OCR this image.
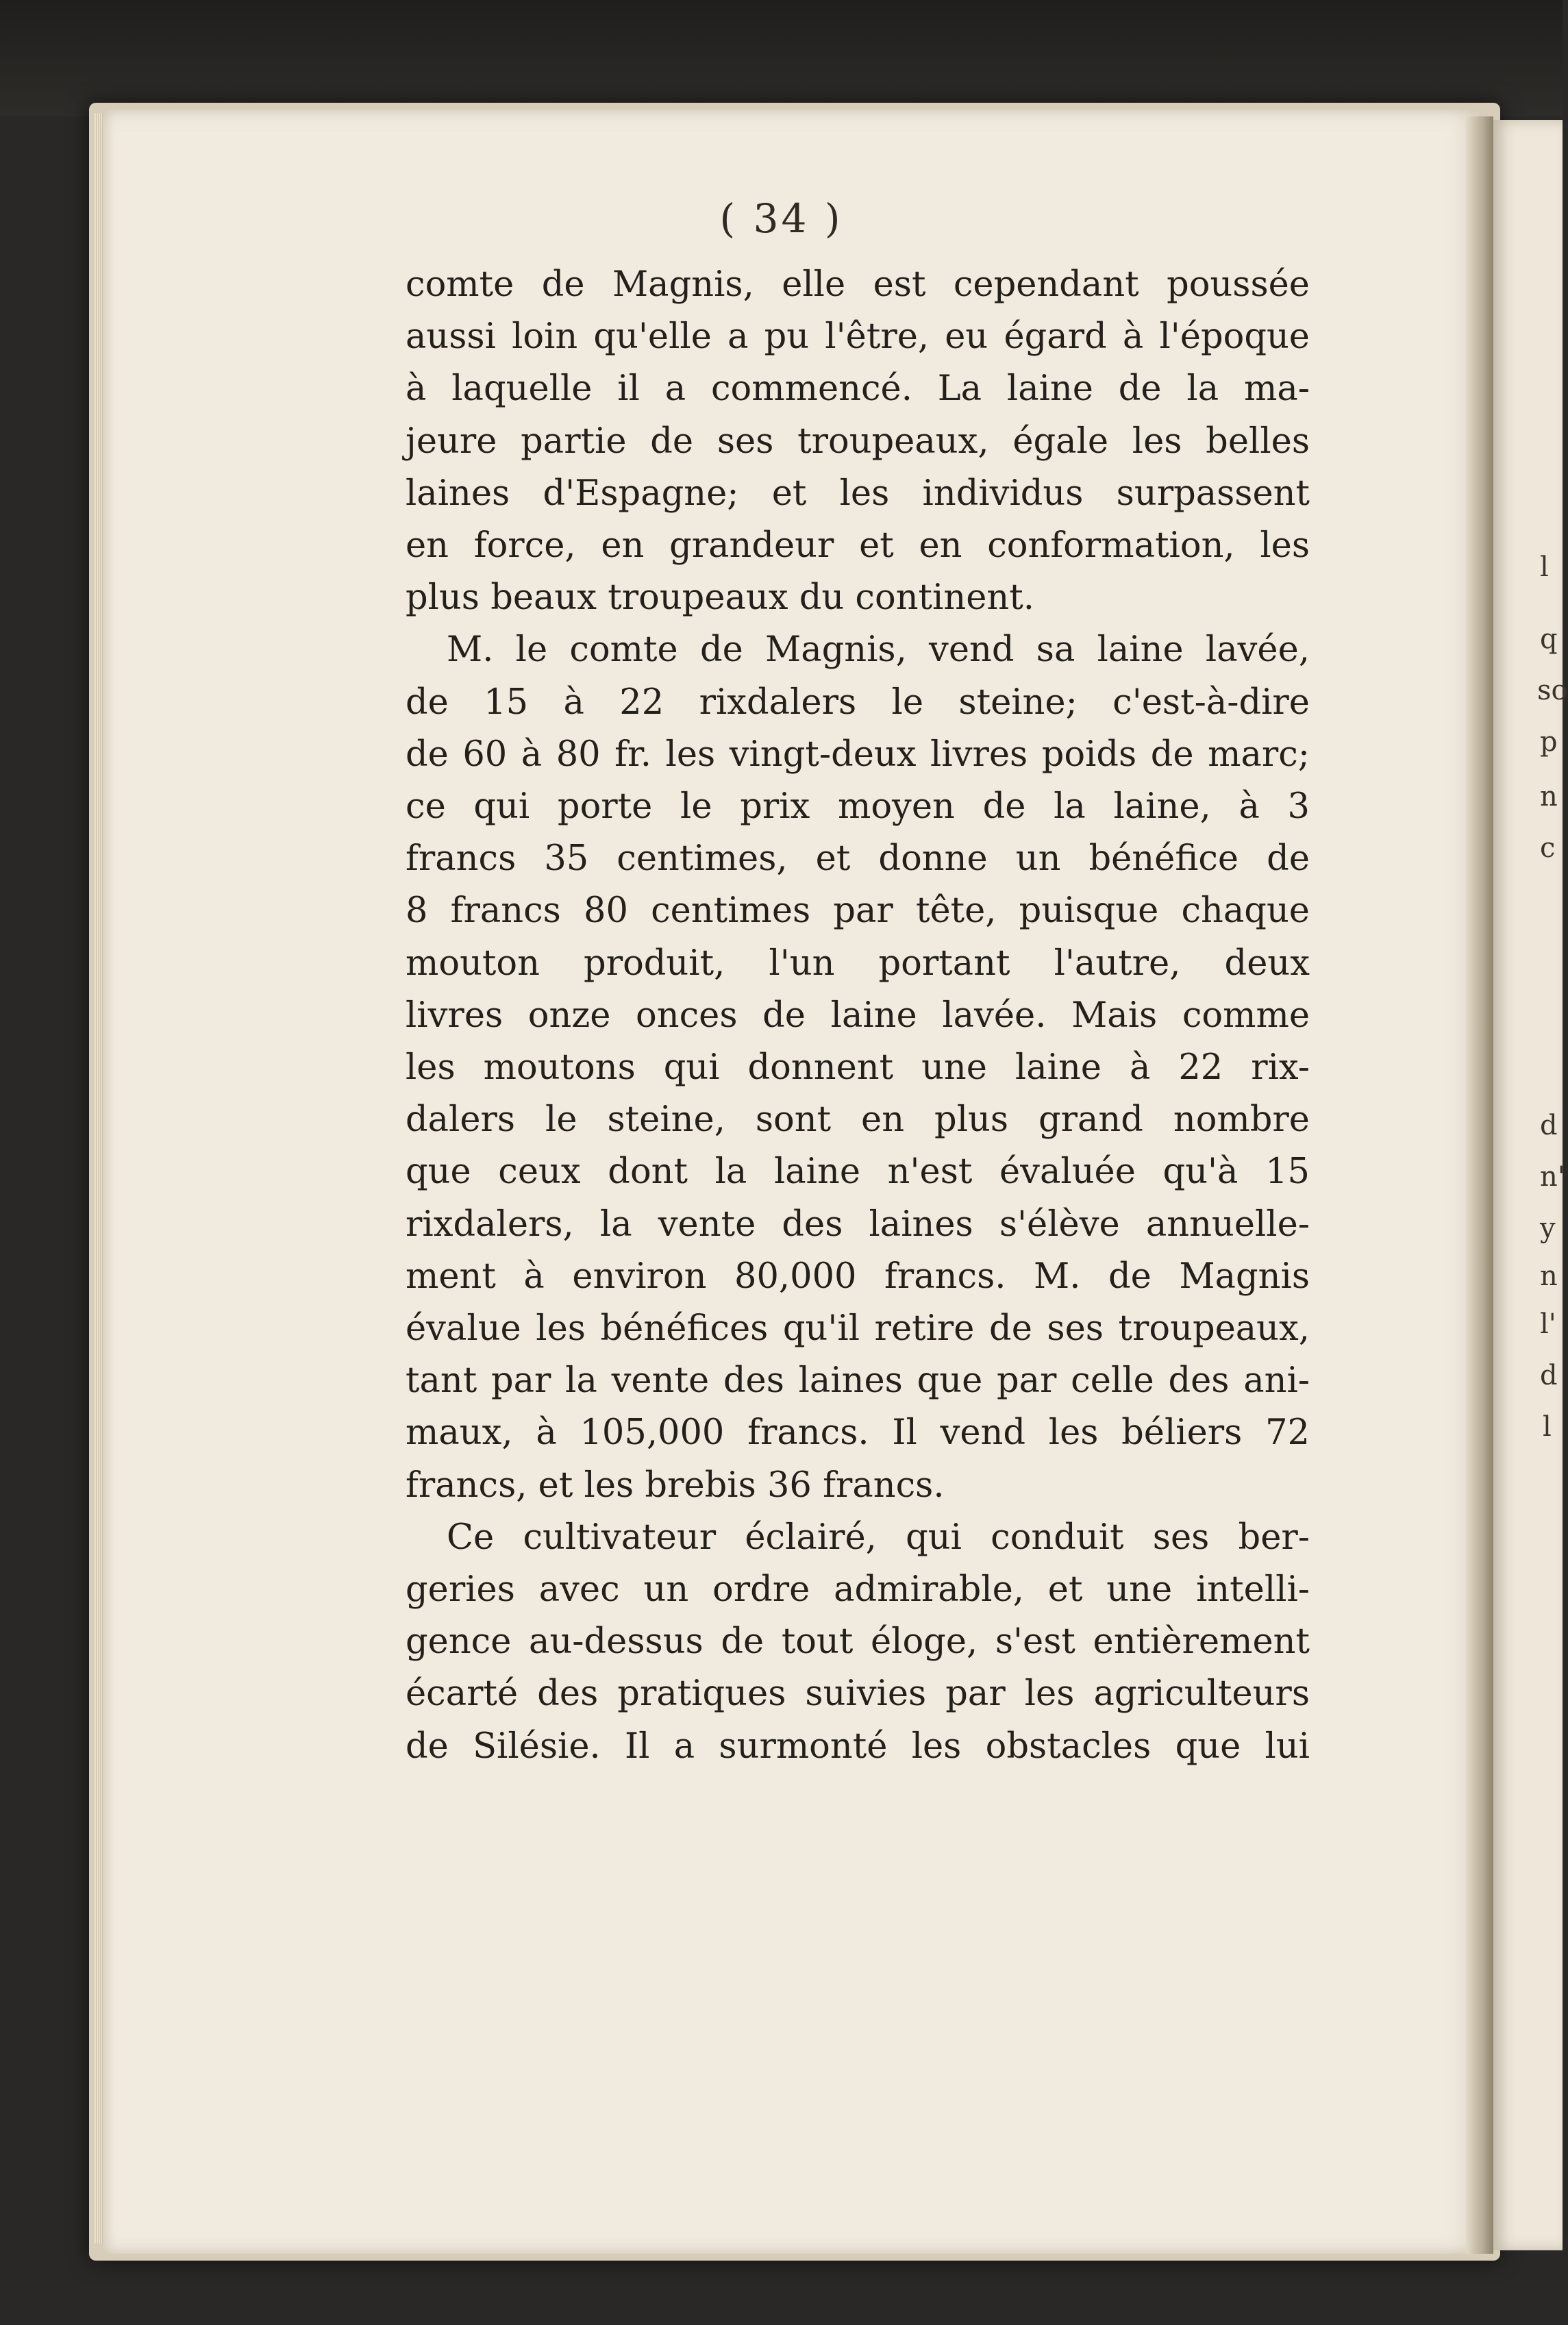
l
q
so
p
n
c
d
n'
y
n
l'
d
l
( 34 )
comte de Magnis, elle est cependant poussée
aussi loin qu'elle a pu l'être, eu égard à l'époque
à laquelle il a commencé. La laine de la ma-
jeure partie de ses troupeaux, égale les belles
laines d'Espagne; et les individus surpassent
en force, en grandeur et en conformation, les
plus beaux troupeaux du continent.
M. le comte de Magnis, vend sa laine lavée,
de 15 à 22 rixdalers le steine; c'est-à-dire
de 60 à 80 fr. les vingt-deux livres poids de marc;
ce qui porte le prix moyen de la laine, à 3
francs 35 centimes, et donne un bénéfice de
8 francs 80 centimes par tête, puisque chaque
mouton produit, l'un portant l'autre, deux
livres onze onces de laine lavée. Mais comme
les moutons qui donnent une laine à 22 rix-
dalers le steine, sont en plus grand nombre
que ceux dont la laine n'est évaluée qu'à 15
rixdalers, la vente des laines s'élève annuelle-
ment à environ 80,000 francs. M. de Magnis
évalue les bénéfices qu'il retire de ses troupeaux,
tant par la vente des laines que par celle des ani-
maux, à 105,000 francs. Il vend les béliers 72
francs, et les brebis 36 francs.
Ce cultivateur éclairé, qui conduit ses ber-
geries avec un ordre admirable, et une intelli-
gence au-dessus de tout éloge, s'est entièrement
écarté des pratiques suivies par les agriculteurs
de Silésie. Il a surmonté les obstacles que lui
